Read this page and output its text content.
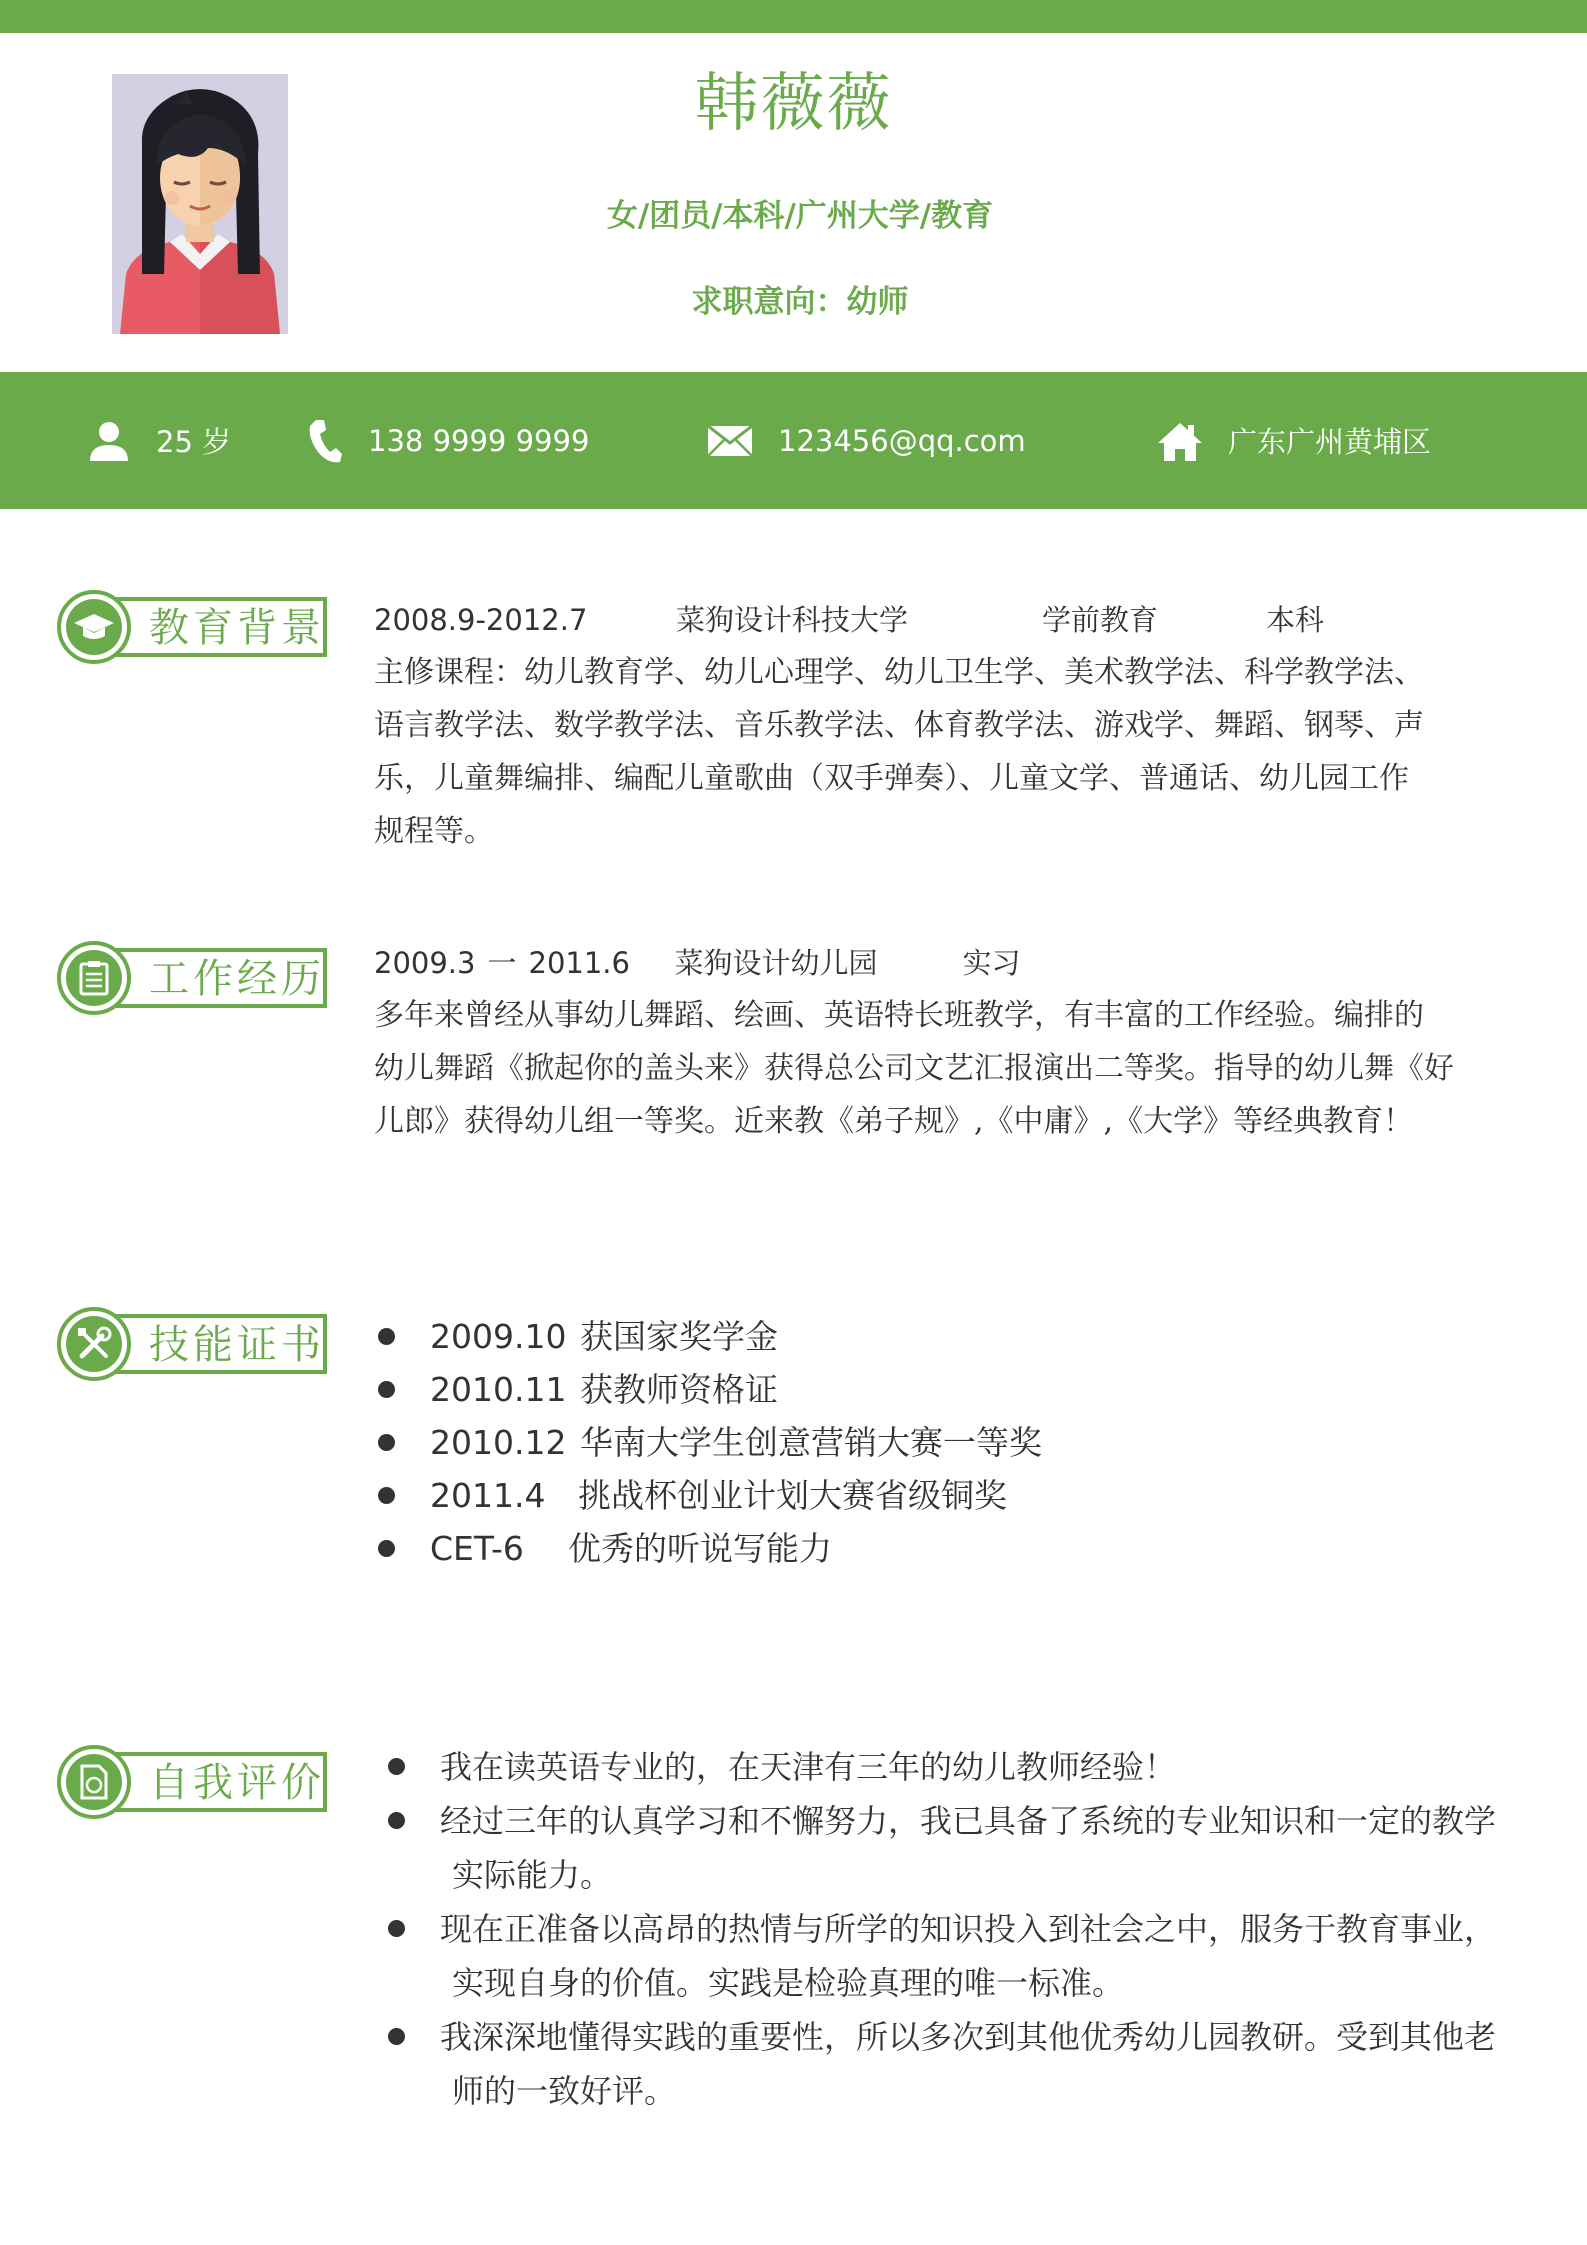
韩薇薇
女/团员/本科/广州大学/教育
求职意向：幼师
25 岁	138 9999 9999	123456@qq.com	广东广州黄埔区
教育背景 2008.9-2012.7	菜狗设计科技大学	学前教育	本科
主修课程：幼儿教育学、幼儿心理学、幼儿卫生学、美术教学法、科学教学法、
语言教学法、数学教学法、音乐教学法、体育教学法、游戏学、舞蹈、钢琴、声
乐，儿童舞编排、编配儿童歌曲（双手弹奏）、儿童文学、普通话、幼儿园工作
规程等。
工作经历 2009.3 一 2011.6	菜狗设计幼儿园	实习
多年来曾经从事幼儿舞蹈、绘画、英语特长班教学，有丰富的工作经验。编排的
幼儿舞蹈《掀起你的盖头来》获得总公司文艺汇报演出二等奖。指导的幼儿舞《好
儿郎》获得幼儿组一等奖。近来教《弟子规》,《中庸》,《大学》等经典教育！
技能证书	2009.10 获国家奖学金
2010.11 获教师资格证
2010.12 华南大学生创意营销大赛一等奖
2011.4 挑战杯创业计划大赛省级铜奖
CET-6 优秀的听说写能力
自我评价	我在读英语专业的，在天津有三年的幼儿教师经验！
经过三年的认真学习和不懈努力，我已具备了系统的专业知识和一定的教学
实际能力。
现在正准备以高昂的热情与所学的知识投入到社会之中，服务于教育事业，
实现自身的价值。实践是检验真理的唯一标准。
我深深地懂得实践的重要性，所以多次到其他优秀幼儿园教研。受到其他老
师的一致好评。
